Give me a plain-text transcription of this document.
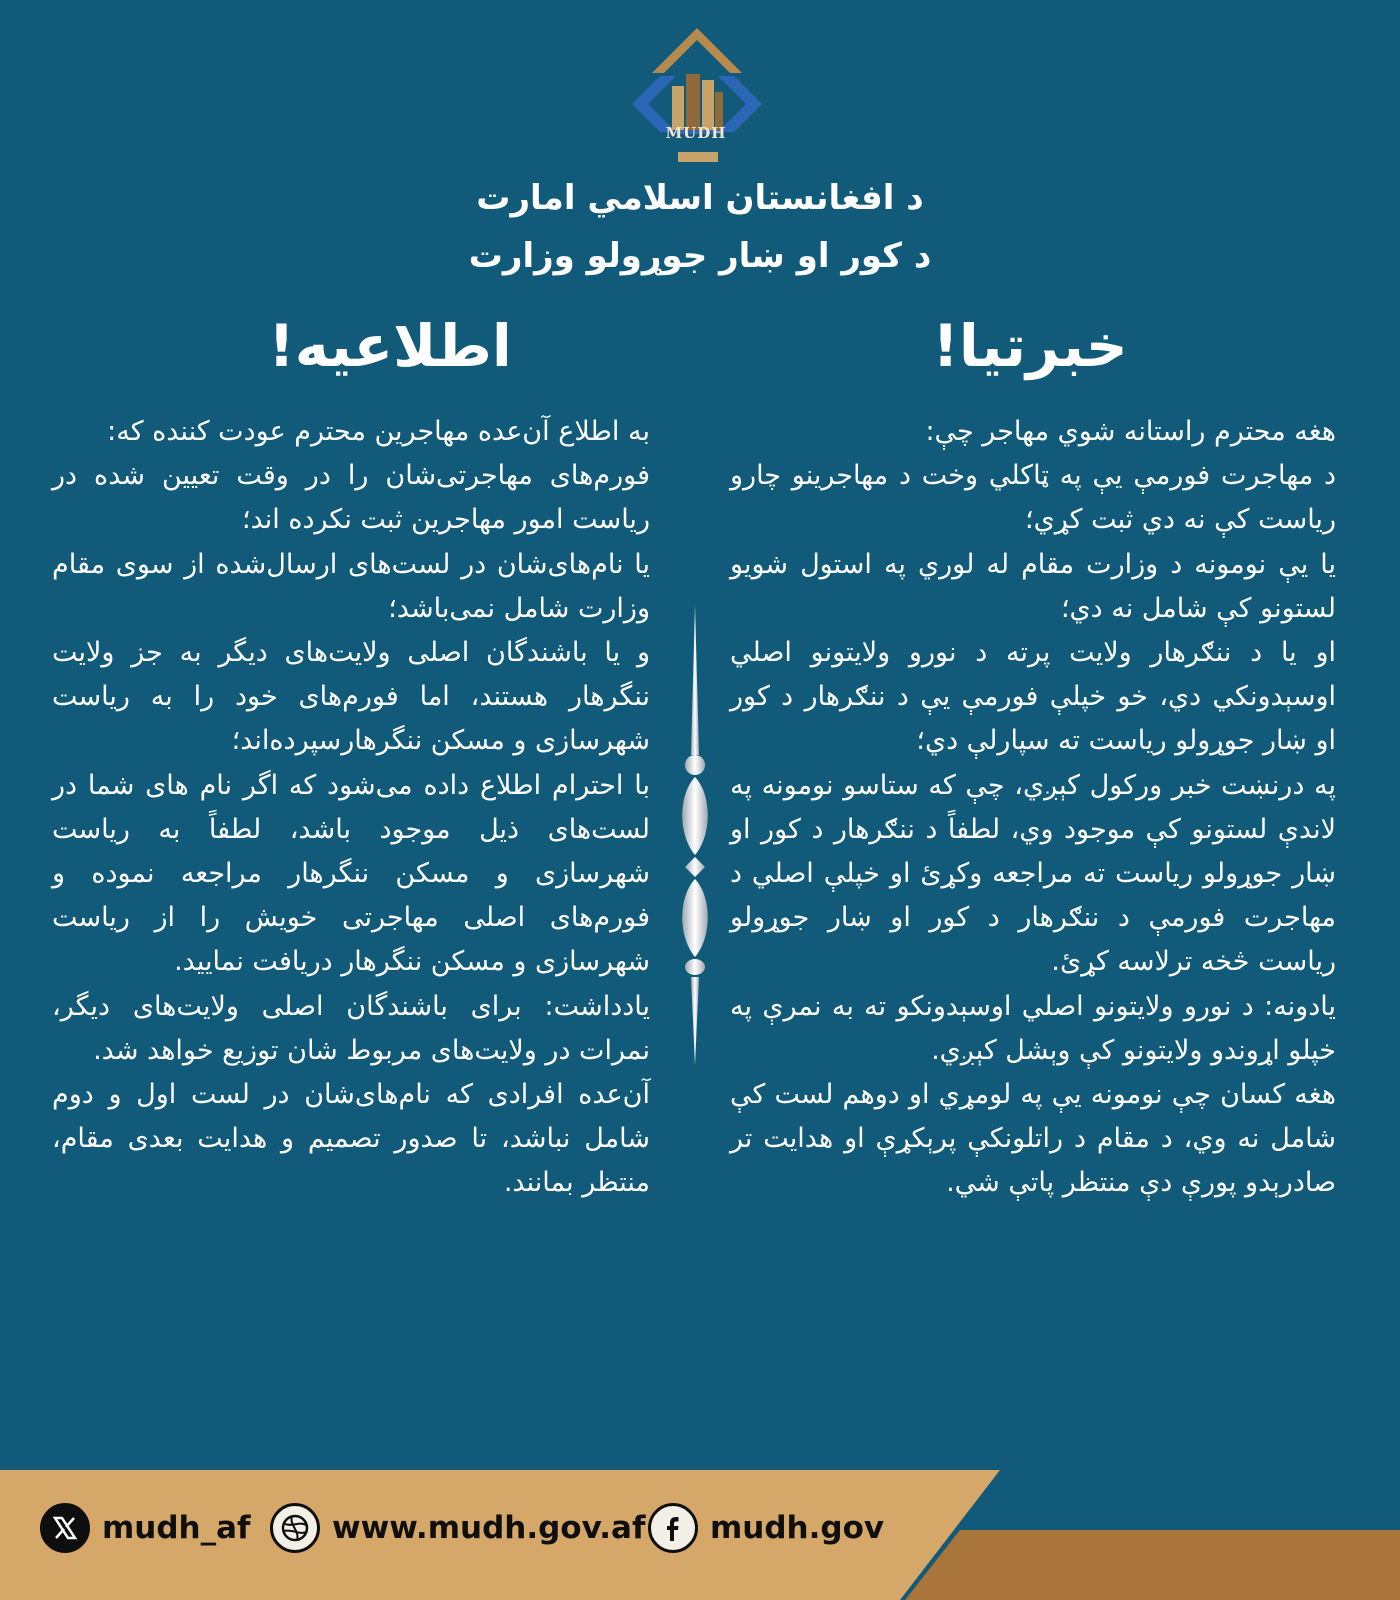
MUDH
د افغانستان اسلامي امارت
د کور او ښار جوړولو وزارت
خبرتیا!
اطلاعیه!

هغه محترم راستانه شوي مهاجر چې:

د مهاجرت فورمې يې په ټاکلي وخت د مهاجرينو چارو رياست کې نه دي ثبت کړي؛

يا يې نومونه د وزارت مقام له لوري په استول شويو لستونو کې شامل نه دي؛

او يا د ننګرهار ولايت پرته د نورو ولايتونو اصلي اوسېدونکي دي، خو خپلې فورمې يې د ننګرهار د کور او ښار جوړولو رياست ته سپارلې دي؛

په درنښت خبر ورکول کېږي، چې که ستاسو نومونه په لاندې لستونو کې موجود وي، لطفاً د ننګرهار د کور او ښار جوړولو رياست ته مراجعه وکړئ او خپلې اصلي د مهاجرت فورمې د ننګرهار د کور او ښار جوړولو رياست څخه ترلاسه کړئ.

يادونه: د نورو ولايتونو اصلي اوسېدونکو ته به نمرې په خپلو اړوندو ولايتونو کې وېشل کېږي.

هغه کسان چې نومونه يې په لومړي او دوهم لست کې شامل نه وي، د مقام د راتلونکې پرېکړې او هدايت تر صادرېدو پورې دې منتظر پاتې شي.

به اطلاع آن‌عده مهاجرين محترم عودت کننده که:

فورم‌هاى مهاجرتى‌شان را در وقت تعيين شده در رياست امور مهاجرين ثبت نکرده اند؛

يا نام‌هاى‌شان در لست‌هاى ارسال‌شده از سوى مقام وزارت شامل نمى‌باشد؛

و يا باشندگان اصلى ولايت‌هاى ديگر به جز ولايت ننگرهار هستند، اما فورم‌هاى خود را به رياست شهرسازى و مسکن ننگرهارسپرده‌اند؛

با احترام اطلاع داده مى‌شود که اگر نام هاى شما در لست‌هاى ذيل موجود باشد، لطفاً به رياست شهرسازى و مسکن ننگرهار مراجعه نموده و فورم‌هاى اصلى مهاجرتى خويش را از رياست شهرسازى و مسکن ننگرهار دريافت نماييد.

يادداشت: براى باشندگان اصلى ولايت‌هاى ديگر، نمرات در ولايت‌هاى مربوط شان توزيع خواهد شد.

آن‌عده افرادى که نام‌هاى‌شان در لست اول و دوم شامل نباشد، تا صدور تصميم و هدايت بعدى مقام، منتظر بمانند.

mudh_af	www.mudh.gov.af mudh.gov
